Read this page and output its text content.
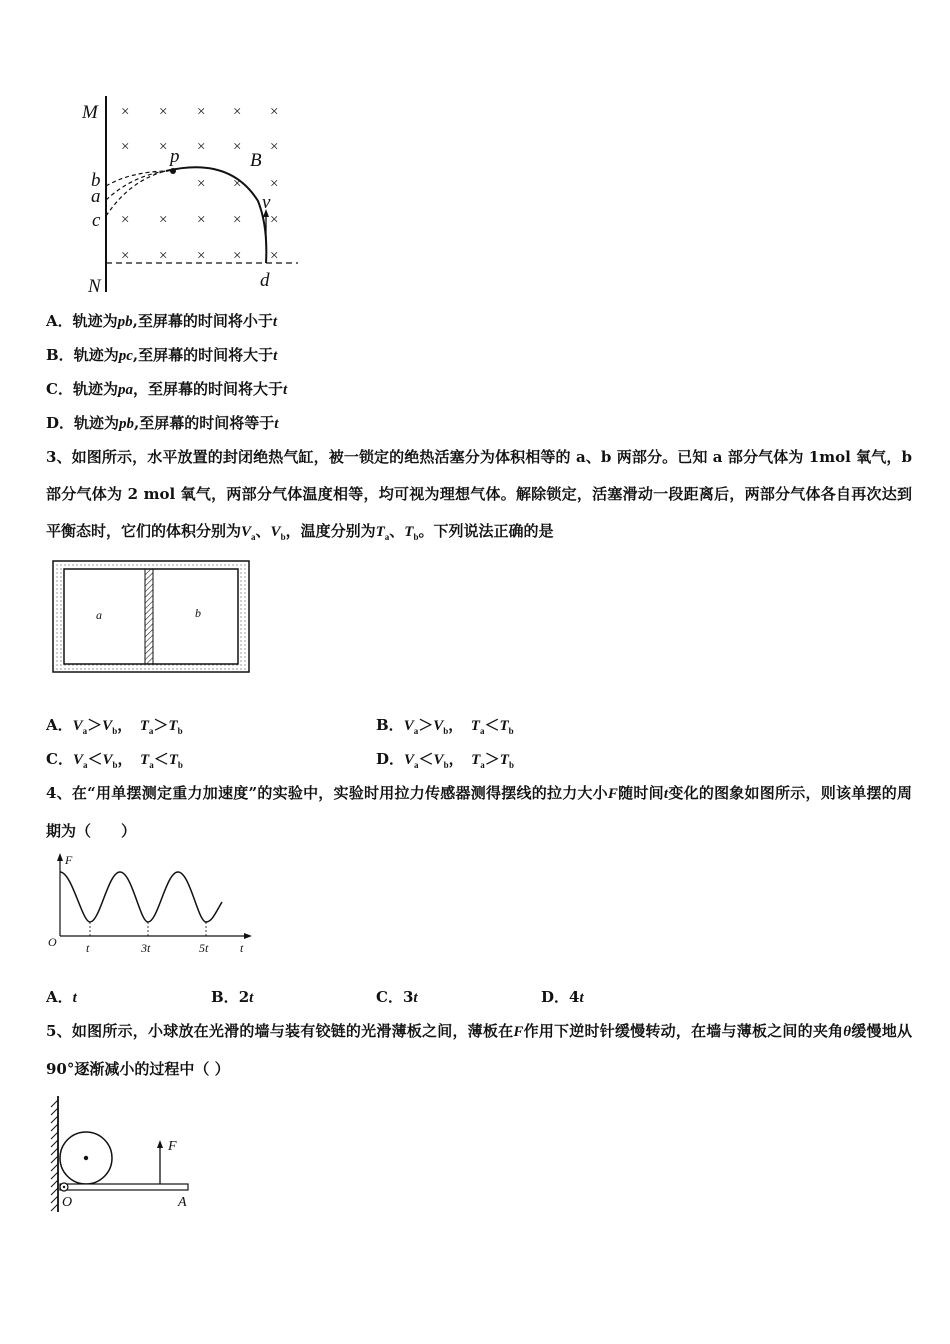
× × × × ×
× × × × ×
× × ×
× × × × ×
× × × × ×
M
N
b
a
c
p	B
v
d
A．轨迹为pb,至屏幕的时间将小于t
B．轨迹为pc,至屏幕的时间将大于t
C．轨迹为pa，至屏幕的时间将大于t
D．轨迹为pb,至屏幕的时间将等于t
3、如图所示，水平放置的封闭绝热气缸，被一锁定的绝热活塞分为体积相等的 a、b 两部分。已知 a 部分气体为 1mol 氧气，b 部分气体为 2 mol 氧气，两部分气体温度相等，均可视为理想气体。解除锁定，活塞滑动一段距离后，两部分气体各自再次达到平衡态时，它们的体积分别为$V_a$、$V_b$，温度分别为$T_a$、$T_b$。下列说法正确的是
a	b
A．$V_a>V_b$，　$T_a>T_b$	B．$V_a>V_b$，　$T_a<T_b$
C．$V_a<V_b$，　$T_a<T_b$	D．$V_a<V_b$，　$T_a>T_b$
4、在“用单摆测定重力加速度”的实验中，实验时用拉力传感器测得摆线的拉力大小F随时间t变化的图象如图所示，则该单摆的周期为（　　）
F
O	t
t	3t	5t
A．t	B．2t	C．3t	D．4t
5、如图所示，小球放在光滑的墙与装有铰链的光滑薄板之间，薄板在F作用下逆时针缓慢转动，在墙与薄板之间的夹角θ缓慢地从 90°逐渐减小的过程中（ ）
F
O	A
